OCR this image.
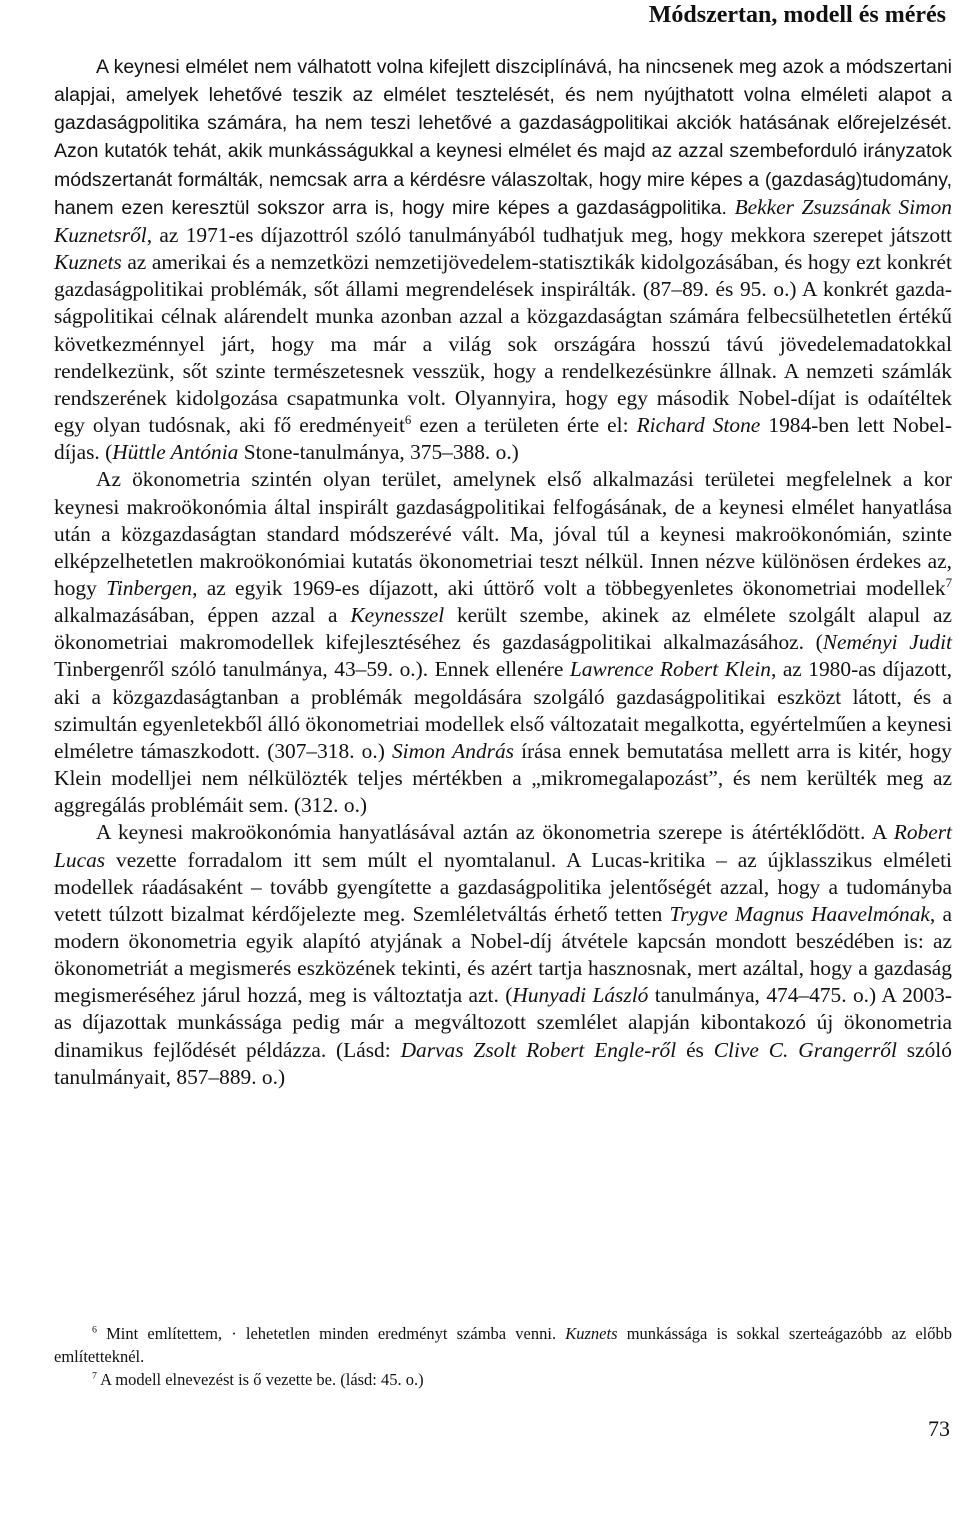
Módszertan, modell és mérés

A keynesi elmélet nem válhatott volna kifejlett diszciplínává, ha nincsenek meg azok a módszertani alapjai, amelyek lehetővé teszik az elmélet tesztelését, és nem nyújthatott volna elméleti alapot a gazdaságpolitika számára, ha nem teszi lehetővé a gazdaságpolitikai akciók hatásának előrejelzését. Azon kutatók tehát, akik munkásságukkal a keynesi elmélet és majd az azzal szembeforduló irányzatok módszertanát formálták, nemcsak arra a kérdésre válaszoltak, hogy mire képes a (gazdaság)tudomány, hanem ezen keresztül sokszor arra is, hogy mire képes a gazdaságpolitika. Bekker Zsuzsának Simon Kuznetsről, az 1971-es díjazottról szóló tanulmányából tudhatjuk meg, hogy mekkora szerepet játszott Kuznets az amerikai és a nemzetközi nemzetijövedelem-statisztikák kidolgozásában, és hogy ezt konkrét gazdaságpolitikai problémák, sőt állami megrendelések inspirálták. (87–89. és 95. o.) A konkrét gazdaságpolitikai célnak alárendelt munka azonban azzal a közgazdaságtan számára felbecsülhetetlen értékű következménnyel járt, hogy ma már a világ sok országára hosszú távú jövedelemadatokkal rendelkezünk, sőt szinte természetesnek vesszük, hogy a rendelkezésünkre állnak. A nemzeti számlák rendszerének kidolgozása csapatmunka volt. Olyannyira, hogy egy második Nobel-díjat is odaítéltek egy olyan tudósnak, aki fő eredményeit$^6$ ezen a területen érte el: Richard Stone 1984-ben lett Nobel-díjas. (Hüttle Antónia Stone-tanulmánya, 375–388. o.)

Az ökonometria szintén olyan terület, amelynek első alkalmazási területei megfelelnek a kor keynesi makroökonómia által inspirált gazdaságpolitikai felfogásának, de a keynesi elmélet hanyatlása után a közgazdaságtan standard módszerévé vált. Ma, jóval túl a keynesi makroökonómián, szinte elképzelhetetlen makroökonómiai kutatás ökonometriai teszt nélkül. Innen nézve különösen érdekes az, hogy Tinbergen, az egyik 1969-es díjazott, aki úttörő volt a többegyenletes ökonometriai modellek$^7$ alkalmazásában, éppen azzal a Keynesszel került szembe, akinek az elmélete szolgált alapul az ökonometriai makromodellek kifejlesztéséhez és gazdaságpolitikai alkalmazásához. (Neményi Judit Tinbergenről szóló tanulmánya, 43–59. o.). Ennek ellenére Lawrence Robert Klein, az 1980-as díjazott, aki a közgazdaságtanban a problémák megoldására szolgáló gazdaságpolitikai eszközt látott, és a szimultán egyenletekből álló ökonometriai modellek első változatait megalkotta, egyértelműen a keynesi elméletre támaszkodott. (307–318. o.) Simon András írása ennek bemutatása mellett arra is kitér, hogy Klein modelljei nem nélkülözték teljes mértékben a „mikromegalapozást”, és nem kerülték meg az aggregálás problémáit sem. (312. o.)

A keynesi makroökonómia hanyatlásával aztán az ökonometria szerepe is átértéklődött. A Robert Lucas vezette forradalom itt sem múlt el nyomtalanul. A Lucas-kritika – az újklasszikus elméleti modellek ráadásaként – tovább gyengítette a gazdaságpolitika jelentőségét azzal, hogy a tudományba vetett túlzott bizalmat kérdőjelezte meg. Szemléletváltás érhető tetten Trygve Magnus Haavelmónak, a modern ökonometria egyik alapító atyjának a Nobel-díj átvétele kapcsán mondott beszédében is: az ökonometriát a megismerés eszközének tekinti, és azért tartja hasznosnak, mert azáltal, hogy a gazdaság megismeréséhez járul hozzá, meg is változtatja azt. (Hunyadi László tanulmánya, 474–475. o.) A 2003-as díjazottak munkássága pedig már a megváltozott szemlélet alapján kibontakozó új ökonometria dinamikus fejlődését példázza. (Lásd: Darvas Zsolt Robert Engle-ről és Clive C. Grangerről szóló tanulmányait, 857–889. o.)

$^6$ Mint említettem, · lehetetlen minden eredményt számba venni. Kuznets munkássága is sokkal szerteágazóbb az előbb említetteknél.

$^7$ A modell elnevezést is ő vezette be. (lásd: 45. o.)

73
